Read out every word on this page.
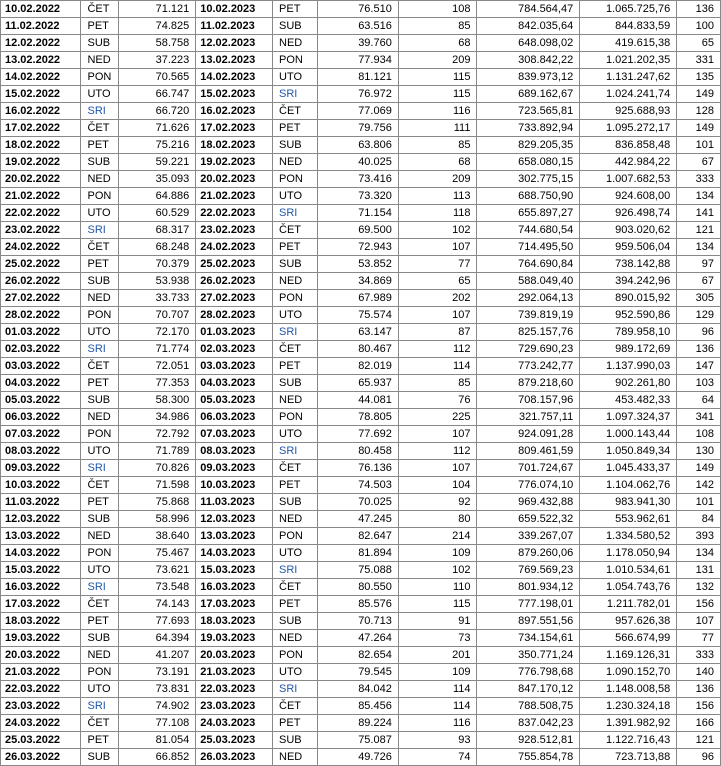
10.02.2022	ČET	71.121	10.02.2023	PET	76.510	108	784.564,47	1.065.725,76	136
11.02.2022	PET	74.825	11.02.2023	SUB	63.516	85	842.035,64	844.833,59	100
12.02.2022	SUB	58.758	12.02.2023	NED	39.760	68	648.098,02	419.615,38	65
13.02.2022	NED	37.223	13.02.2023	PON	77.934	209	308.842,22	1.021.202,35	331
14.02.2022	PON	70.565	14.02.2023	UTO	81.121	115	839.973,12	1.131.247,62	135
15.02.2022	UTO	66.747	15.02.2023	SRI	76.972	115	689.162,67	1.024.241,74	149
16.02.2022	SRI	66.720	16.02.2023	ČET	77.069	116	723.565,81	925.688,93	128
17.02.2022	ČET	71.626	17.02.2023	PET	79.756	111	733.892,94	1.095.272,17	149
18.02.2022	PET	75.216	18.02.2023	SUB	63.806	85	829.205,35	836.858,48	101
19.02.2022	SUB	59.221	19.02.2023	NED	40.025	68	658.080,15	442.984,22	67
20.02.2022	NED	35.093	20.02.2023	PON	73.416	209	302.775,15	1.007.682,53	333
21.02.2022	PON	64.886	21.02.2023	UTO	73.320	113	688.750,90	924.608,00	134
22.02.2022	UTO	60.529	22.02.2023	SRI	71.154	118	655.897,27	926.498,74	141
23.02.2022	SRI	68.317	23.02.2023	ČET	69.500	102	744.680,54	903.020,62	121
24.02.2022	ČET	68.248	24.02.2023	PET	72.943	107	714.495,50	959.506,04	134
25.02.2022	PET	70.379	25.02.2023	SUB	53.852	77	764.690,84	738.142,88	97
26.02.2022	SUB	53.938	26.02.2023	NED	34.869	65	588.049,40	394.242,96	67
27.02.2022	NED	33.733	27.02.2023	PON	67.989	202	292.064,13	890.015,92	305
28.02.2022	PON	70.707	28.02.2023	UTO	75.574	107	739.819,19	952.590,86	129
01.03.2022	UTO	72.170	01.03.2023	SRI	63.147	87	825.157,76	789.958,10	96
02.03.2022	SRI	71.774	02.03.2023	ČET	80.467	112	729.690,23	989.172,69	136
03.03.2022	ČET	72.051	03.03.2023	PET	82.019	114	773.242,77	1.137.990,03	147
04.03.2022	PET	77.353	04.03.2023	SUB	65.937	85	879.218,60	902.261,80	103
05.03.2022	SUB	58.300	05.03.2023	NED	44.081	76	708.157,96	453.482,33	64
06.03.2022	NED	34.986	06.03.2023	PON	78.805	225	321.757,11	1.097.324,37	341
07.03.2022	PON	72.792	07.03.2023	UTO	77.692	107	924.091,28	1.000.143,44	108
08.03.2022	UTO	71.789	08.03.2023	SRI	80.458	112	809.461,59	1.050.849,34	130
09.03.2022	SRI	70.826	09.03.2023	ČET	76.136	107	701.724,67	1.045.433,37	149
10.03.2022	ČET	71.598	10.03.2023	PET	74.503	104	776.074,10	1.104.062,76	142
11.03.2022	PET	75.868	11.03.2023	SUB	70.025	92	969.432,88	983.941,30	101
12.03.2022	SUB	58.996	12.03.2023	NED	47.245	80	659.522,32	553.962,61	84
13.03.2022	NED	38.640	13.03.2023	PON	82.647	214	339.267,07	1.334.580,52	393
14.03.2022	PON	75.467	14.03.2023	UTO	81.894	109	879.260,06	1.178.050,94	134
15.03.2022	UTO	73.621	15.03.2023	SRI	75.088	102	769.569,23	1.010.534,61	131
16.03.2022	SRI	73.548	16.03.2023	ČET	80.550	110	801.934,12	1.054.743,76	132
17.03.2022	ČET	74.143	17.03.2023	PET	85.576	115	777.198,01	1.211.782,01	156
18.03.2022	PET	77.693	18.03.2023	SUB	70.713	91	897.551,56	957.626,38	107
19.03.2022	SUB	64.394	19.03.2023	NED	47.264	73	734.154,61	566.674,99	77
20.03.2022	NED	41.207	20.03.2023	PON	82.654	201	350.771,24	1.169.126,31	333
21.03.2022	PON	73.191	21.03.2023	UTO	79.545	109	776.798,68	1.090.152,70	140
22.03.2022	UTO	73.831	22.03.2023	SRI	84.042	114	847.170,12	1.148.008,58	136
23.03.2022	SRI	74.902	23.03.2023	ČET	85.456	114	788.508,75	1.230.324,18	156
24.03.2022	ČET	77.108	24.03.2023	PET	89.224	116	837.042,23	1.391.982,92	166
25.03.2022	PET	81.054	25.03.2023	SUB	75.087	93	928.512,81	1.122.716,43	121
26.03.2022	SUB	66.852	26.03.2023	NED	49.726	74	755.854,78	723.713,88	96
